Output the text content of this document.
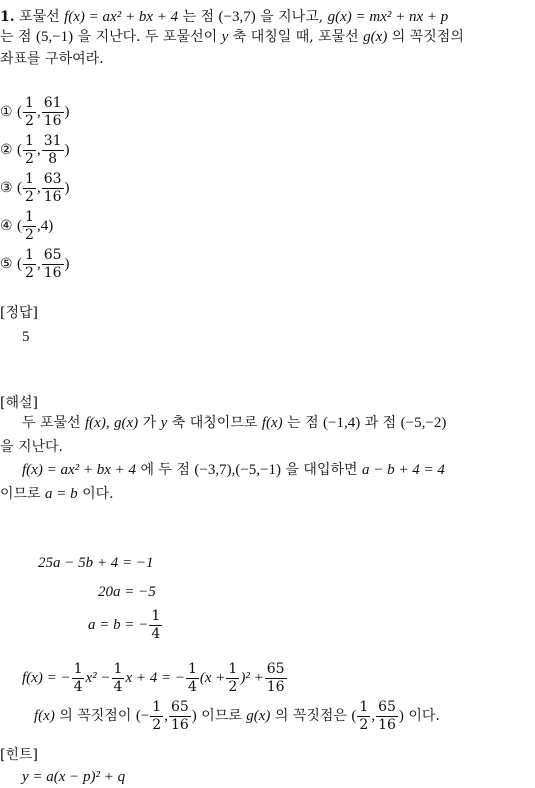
1. 포물선 f(x) = ax² + bx + 4 는 점 (−3,7) 을 지나고, g(x) = mx² + nx + p
는 점 (5,−1) 을 지난다. 두 포물선이 y 축 대칭일 때, 포물선 g(x) 의 꼭짓점의
좌표를 구하여라.
① ( $\frac{1}{2}$ , $\frac{61}{16}$ )
② ( $\frac{1}{2}$ , $\frac{31}{8}$ )
③ ( $\frac{1}{2}$ , $\frac{63}{16}$ )
④ ( $\frac{1}{2} ,4$)
⑤ ( $\frac{1}{2}$ , $\frac{65}{16}$ )
[정답]
5
[해설]
두 포물선 f(x), g(x) 가 y 축 대칭이므로 f(x) 는 점 (−1,4) 과 점 (−5,−2)
을 지난다.
f(x) = ax² + bx + 4 에 두 점 (−3,7),(−5,−1) 을 대입하면 a − b + 4 = 4
이므로 a = b 이다.
25a − 5b + 4 = −1
20a = −5
a = b = − $\frac{1}{4}$
f(x) = − $\frac{1}{4} x^2 - \frac{1}{4}$ x + 4 = − $\frac{1}{4} (x + \frac{1}{2} )^2 + \frac{65}{16}$
f(x) 의 꼭짓점이 (− $\frac{1}{2}$ , $\frac{65}{16}$ ) 이므로 g(x) 의 꼭짓점은 ( $\frac{1}{2}$ , $\frac{65}{16}$ ) 이다.
[힌트]
y = a(x − p)² + q
